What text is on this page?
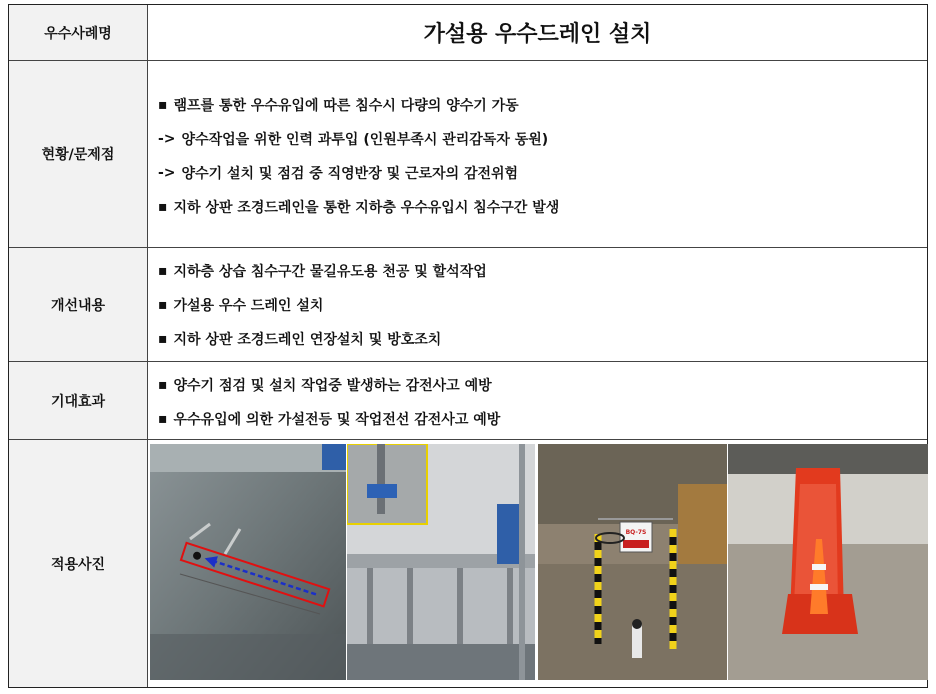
우수사례명	가설용 우수드레인 설치
현황/문제점
▪ 램프를 통한 우수유입에 따른 침수시 다량의 양수기 가동
-> 양수작업을 위한 인력 과투입 (인원부족시 관리감독자 동원)
-> 양수기 설치 및 점검 중 직영반장 및 근로자의 감전위험
▪ 지하 상판 조경드레인을 통한 지하층 우수유입시 침수구간 발생
개선내용
▪ 지하층 상습 침수구간 물길유도용 천공 및 할석작업
▪ 가설용 우수 드레인 설치
▪ 지하 상판 조경드레인 연장설치 및 방호조치
기대효과
▪ 양수기 점검 및 설치 작업중 발생하는 감전사고 예방
▪ 우수유입에 의한 가설전등 및 작업전선 감전사고 예방
적용사진
BQ-7S
